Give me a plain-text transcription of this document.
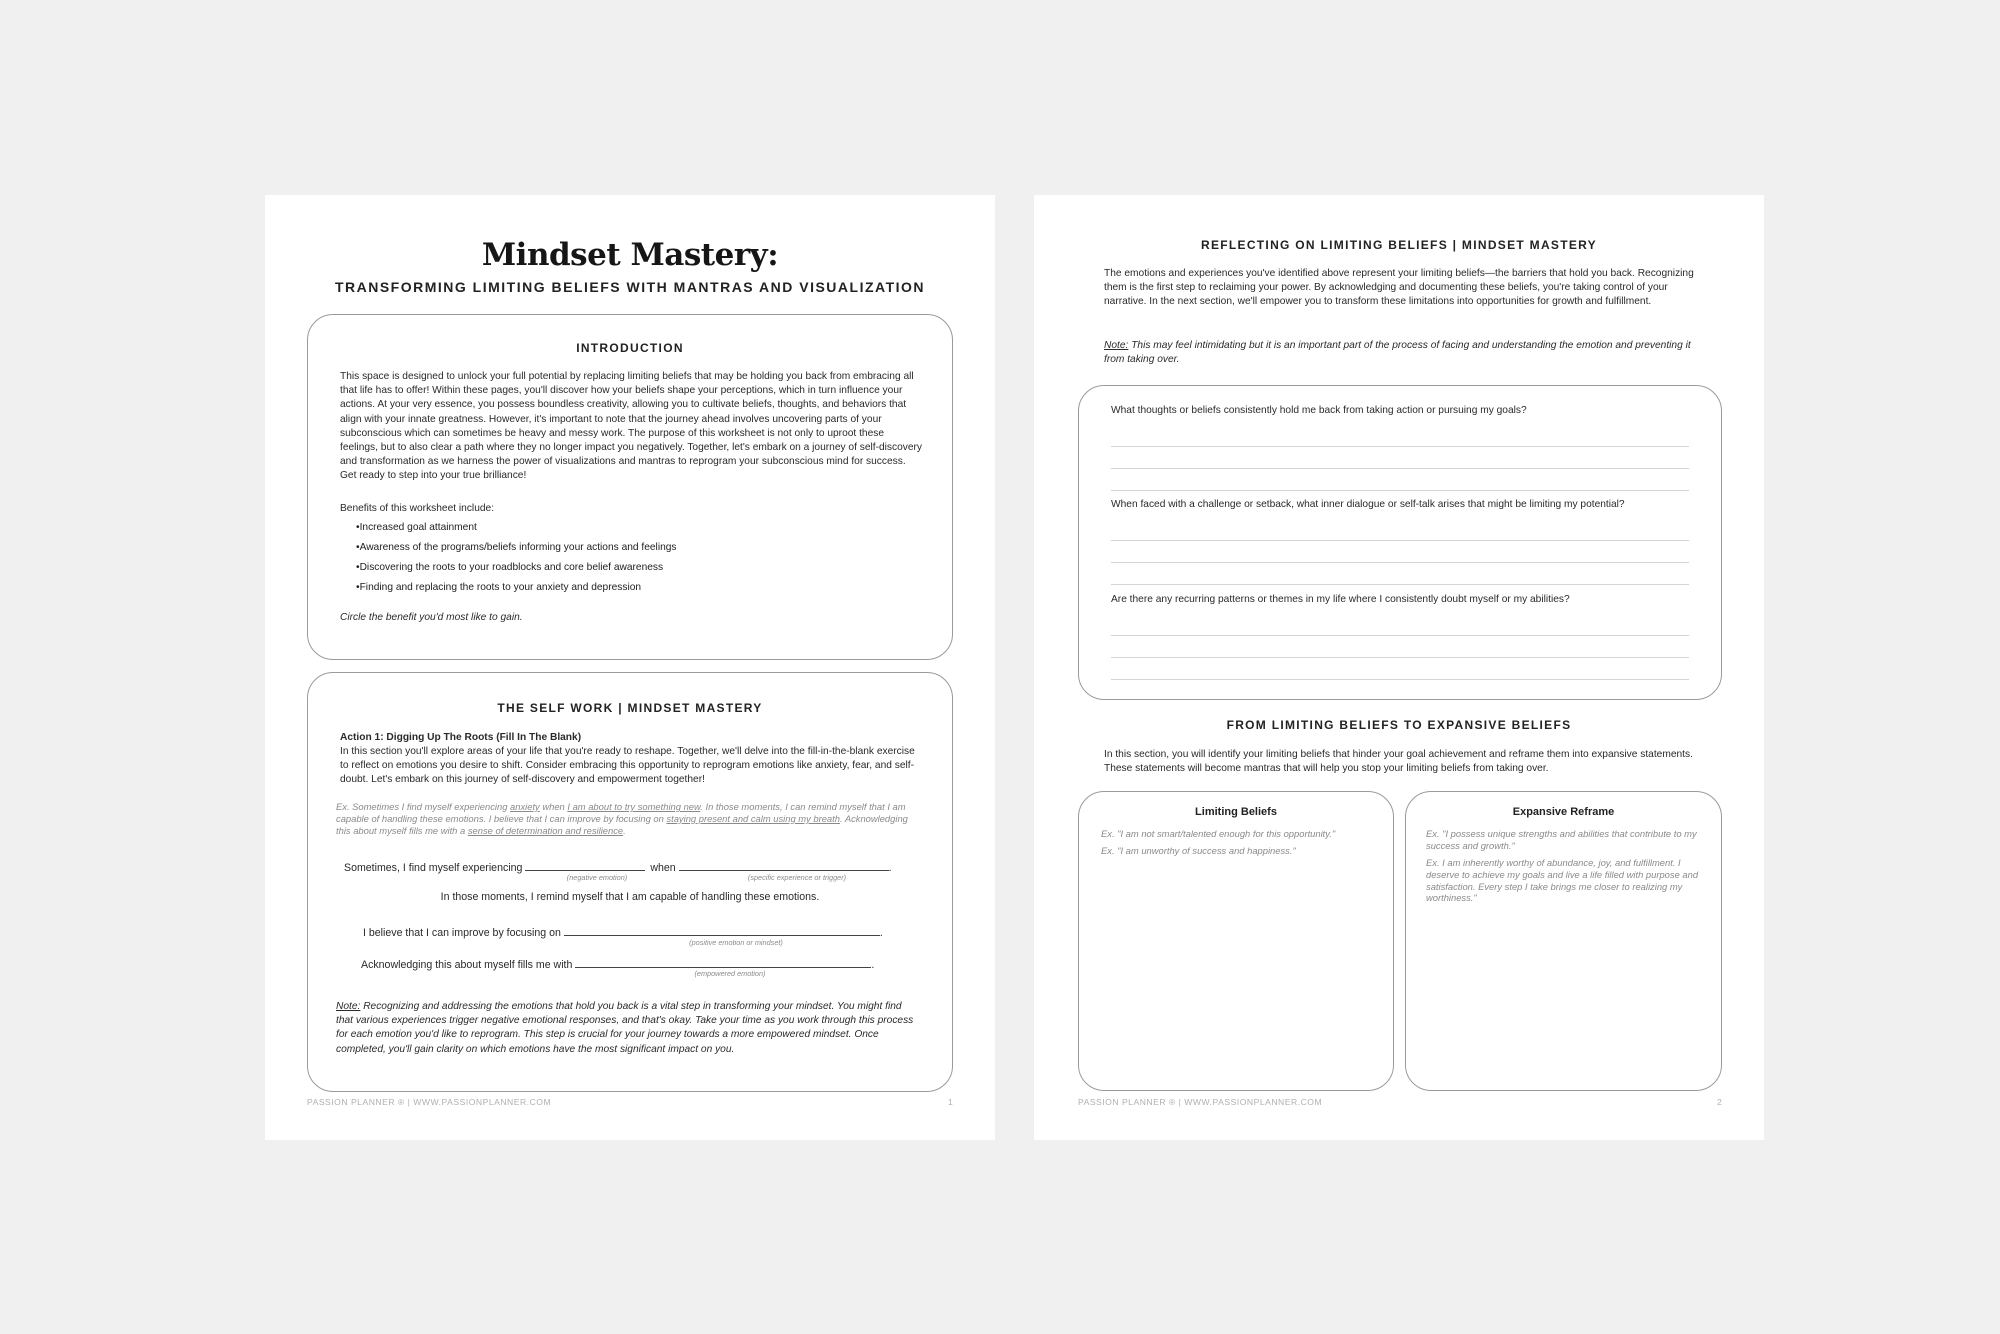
Mindset Mastery:
TRANSFORMING LIMITING BELIEFS WITH MANTRAS AND VISUALIZATION
INTRODUCTION
This space is designed to unlock your full potential by replacing limiting beliefs that may be holding you back from embracing all that life has to offer! Within these pages, you'll discover how your beliefs shape your perceptions, which in turn influence your actions. At your very essence, you possess boundless creativity, allowing you to cultivate beliefs, thoughts, and behaviors that align with your innate greatness. However, it's important to note that the journey ahead involves uncovering parts of your subconscious which can sometimes be heavy and messy work. The purpose of this worksheet is not only to uproot these feelings, but to also clear a path where they no longer impact you negatively. Together, let's embark on a journey of self-discovery and transformation as we harness the power of visualizations and mantras to reprogram your subconscious mind for success. Get ready to step into your true brilliance!
Benefits of this worksheet include:
• Increased goal attainment
• Awareness of the programs/beliefs informing your actions and feelings
• Discovering the roots to your roadblocks and core belief awareness
• Finding and replacing the roots to your anxiety and depression
Circle the benefit you'd most like to gain.
THE SELF WORK | MINDSET MASTERY
Action 1: Digging Up The Roots (Fill In The Blank)
In this section you'll explore areas of your life that you're ready to reshape. Together, we'll delve into the fill-in-the-blank exercise to reflect on emotions you desire to shift. Consider embracing this opportunity to reprogram emotions like anxiety, fear, and self-doubt. Let's embark on this journey of self-discovery and empowerment together!
Ex. Sometimes I find myself experiencing anxiety when I am about to try something new. In those moments, I can remind myself that I am capable of handling these emotions. I believe that I can improve by focusing on staying present and calm using my breath. Acknowledging this about myself fills me with a sense of determination and resilience.
Sometimes, I find myself experiencing	when	.
(negative emotion)	(specific experience or trigger)
In those moments, I remind myself that I am capable of handling these emotions.
I believe that I can improve by focusing on	.
(positive emotion or mindset)
Acknowledging this about myself fills me with	.
(empowered emotion)
Note: Recognizing and addressing the emotions that hold you back is a vital step in transforming your mindset. You might find that various experiences trigger negative emotional responses, and that's okay. Take your time as you work through this process for each emotion you'd like to reprogram. This step is crucial for your journey towards a more empowered mindset. Once completed, you'll gain clarity on which emotions have the most significant impact on you.
PASSION PLANNER ® | WWW.PASSIONPLANNER.COM	1
REFLECTING ON LIMITING BELIEFS | MINDSET MASTERY
The emotions and experiences you've identified above represent your limiting beliefs—the barriers that hold you back. Recognizing them is the first step to reclaiming your power. By acknowledging and documenting these beliefs, you're taking control of your narrative. In the next section, we'll empower you to transform these limitations into opportunities for growth and fulfillment.
Note: This may feel intimidating but it is an important part of the process of facing and understanding the emotion and preventing it from taking over.
What thoughts or beliefs consistently hold me back from taking action or pursuing my goals?
When faced with a challenge or setback, what inner dialogue or self-talk arises that might be limiting my potential?
Are there any recurring patterns or themes in my life where I consistently doubt myself or my abilities?
FROM LIMITING BELIEFS TO EXPANSIVE BELIEFS
In this section, you will identify your limiting beliefs that hinder your goal achievement and reframe them into expansive statements. These statements will become mantras that will help you stop your limiting beliefs from taking over.
Limiting Beliefs
Ex. "I am not smart/talented enough for this opportunity."
Ex. "I am unworthy of success and happiness."
Expansive Reframe
Ex. "I possess unique strengths and abilities that contribute to my success and growth."
Ex. I am inherently worthy of abundance, joy, and fulfillment. I deserve to achieve my goals and live a life filled with purpose and satisfaction. Every step I take brings me closer to realizing my worthiness."
PASSION PLANNER ® | WWW.PASSIONPLANNER.COM	2
